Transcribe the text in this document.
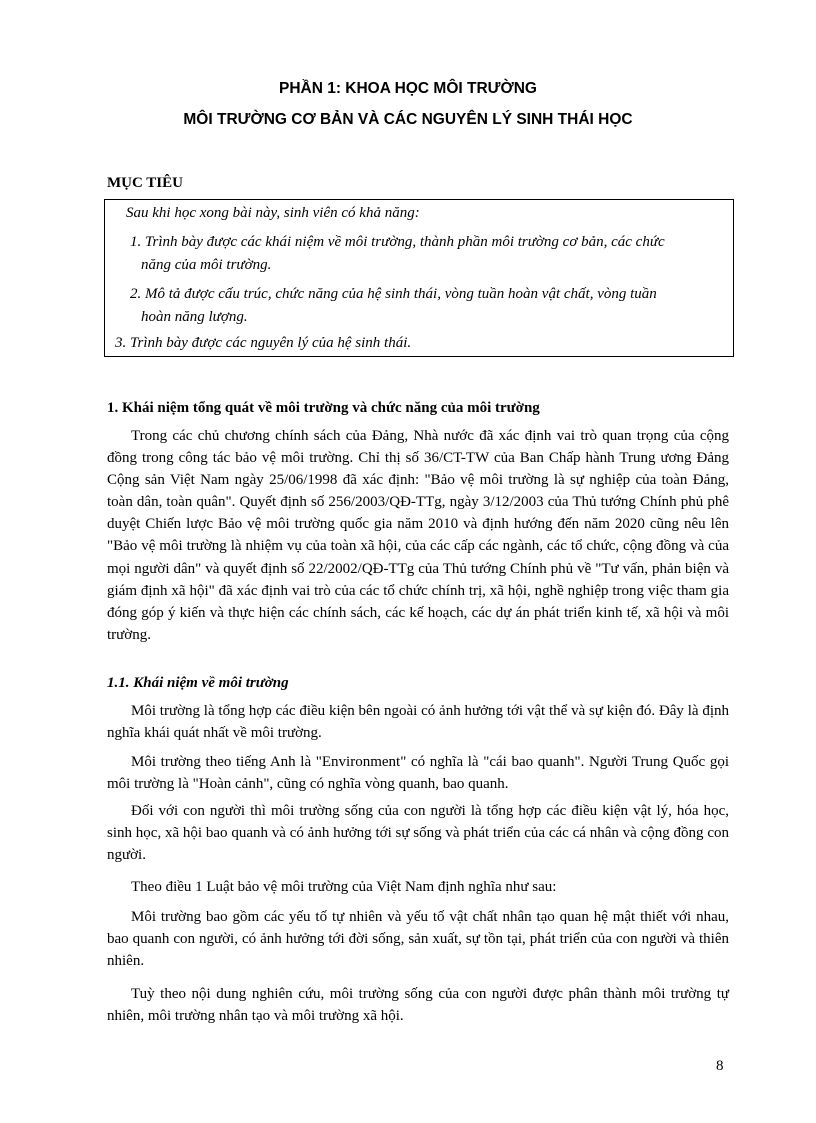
PHẦN 1: KHOA HỌC MÔI TRƯỜNG
MÔI TRƯỜNG CƠ BẢN VÀ CÁC NGUYÊN LÝ SINH THÁI HỌC
MỤC TIÊU
Sau khi học xong bài này, sinh viên có khả năng:
1. Trình bày được các khái niệm về môi trường, thành phần môi trường cơ bản, các chức
năng của môi trường.
2. Mô tả được cấu trúc, chức năng của hệ sinh thái, vòng tuần hoàn vật chất, vòng tuần
hoàn năng lượng.
3. Trình bày được các nguyên lý của hệ sinh thái.
1. Khái niệm tổng quát về môi trường và chức năng của môi trường

Trong các chủ chương chính sách của Đảng, Nhà nước đã xác định vai trò quan trọng của cộng đồng trong công tác bảo vệ môi trường. Chỉ thị số 36/CT-TW của Ban Chấp hành Trung ương Đảng Cộng sản Việt Nam ngày 25/06/1998 đã xác định: "Bảo vệ môi trường là sự nghiệp của toàn Đảng, toàn dân, toàn quân". Quyết định số 256/2003/QĐ-TTg, ngày 3/12/2003 của Thủ tướng Chính phủ phê duyệt Chiến lược Bảo vệ môi trường quốc gia năm 2010 và định hướng đến năm 2020 cũng nêu lên "Bảo vệ môi trường là nhiệm vụ của toàn xã hội, của các cấp các ngành, các tổ chức, cộng đồng và của mọi người dân" và quyết định số 22/2002/QĐ-TTg của Thủ tướng Chính phủ về "Tư vấn, phản biện và giám định xã hội" đã xác định vai trò của các tổ chức chính trị, xã hội, nghề nghiệp trong việc tham gia đóng góp ý kiến và thực hiện các chính sách, các kế hoạch, các dự án phát triển kinh tế, xã hội và môi trường.

1.1. Khái niệm về môi trường

Môi trường là tổng hợp các điều kiện bên ngoài có ảnh hưởng tới vật thể và sự kiện đó. Đây là định nghĩa khái quát nhất về môi trường.

Môi trường theo tiếng Anh là "Environment" có nghĩa là "cái bao quanh". Người Trung Quốc gọi môi trường là "Hoàn cảnh", cũng có nghĩa vòng quanh, bao quanh.

Đối với con người thì môi trường sống của con người là tổng hợp các điều kiện vật lý, hóa học, sinh học, xã hội bao quanh và có ảnh hưởng tới sự sống và phát triển của các cá nhân và cộng đồng con người.

Theo điều 1 Luật bảo vệ môi trường của Việt Nam định nghĩa như sau:

Môi trường bao gồm các yếu tố tự nhiên và yếu tố vật chất nhân tạo quan hệ mật thiết với nhau, bao quanh con người, có ảnh hưởng tới đời sống, sản xuất, sự tồn tại, phát triển của con người và thiên nhiên.

Tuỳ theo nội dung nghiên cứu, môi trường sống của con người được phân thành môi trường tự nhiên, môi trường nhân tạo và môi trường xã hội.

8
